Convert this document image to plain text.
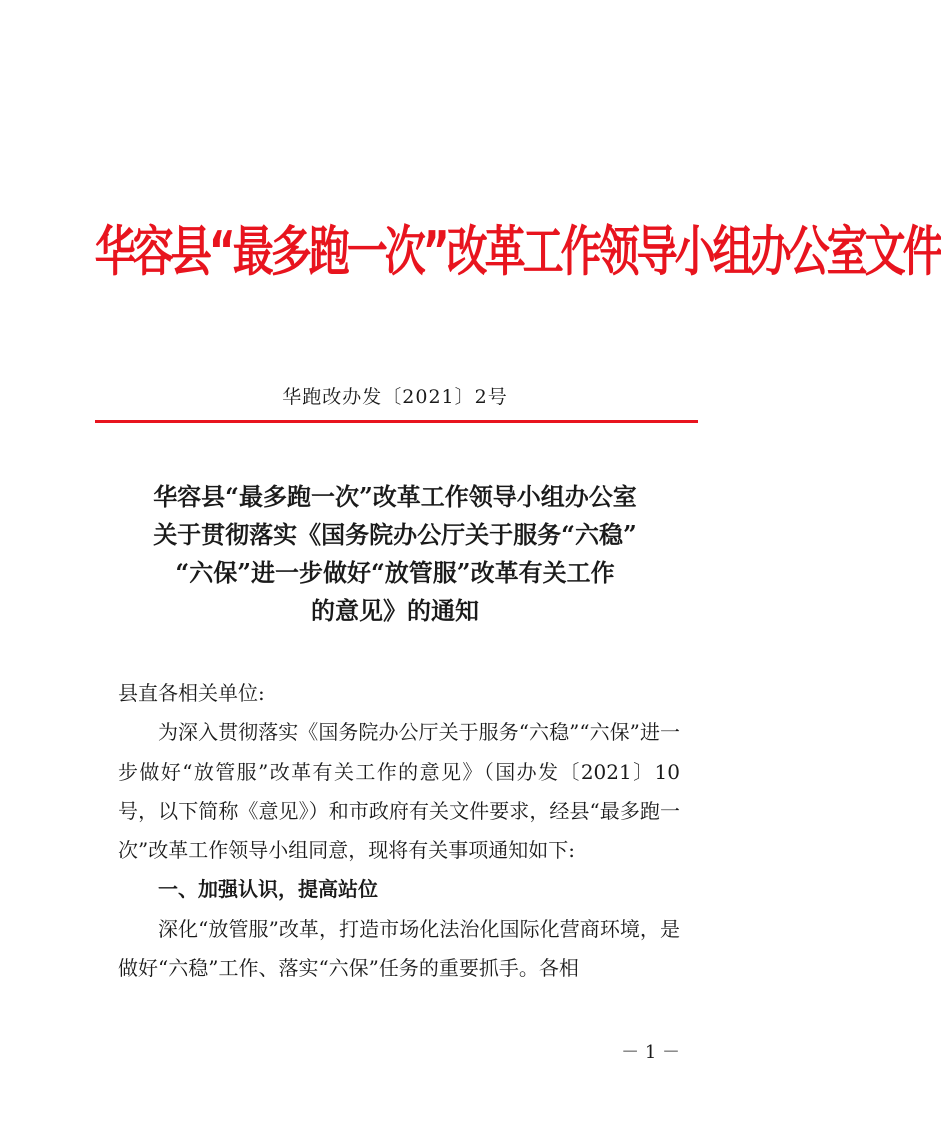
华容县“最多跑一次”改革工作领导小组办公室文件
华跑改办发〔2021〕2号
华容县“最多跑一次”改革工作领导小组办公室
关于贯彻落实《国务院办公厅关于服务“六稳”
“六保”进一步做好“放管服”改革有关工作
的意见》的通知
县直各相关单位:
为深入贯彻落实《国务院办公厅关于服务“六稳”“六保”进一步做好“放管服”改革有关工作的意见》（国办发〔2021〕10号，以下简称《意见》）和市政府有关文件要求，经县“最多跑一次”改革工作领导小组同意，现将有关事项通知如下:
一、加强认识，提高站位
深化“放管服”改革，打造市场化法治化国际化营商环境，是做好“六稳”工作、落实“六保”任务的重要抓手。各相
－ 1 －
